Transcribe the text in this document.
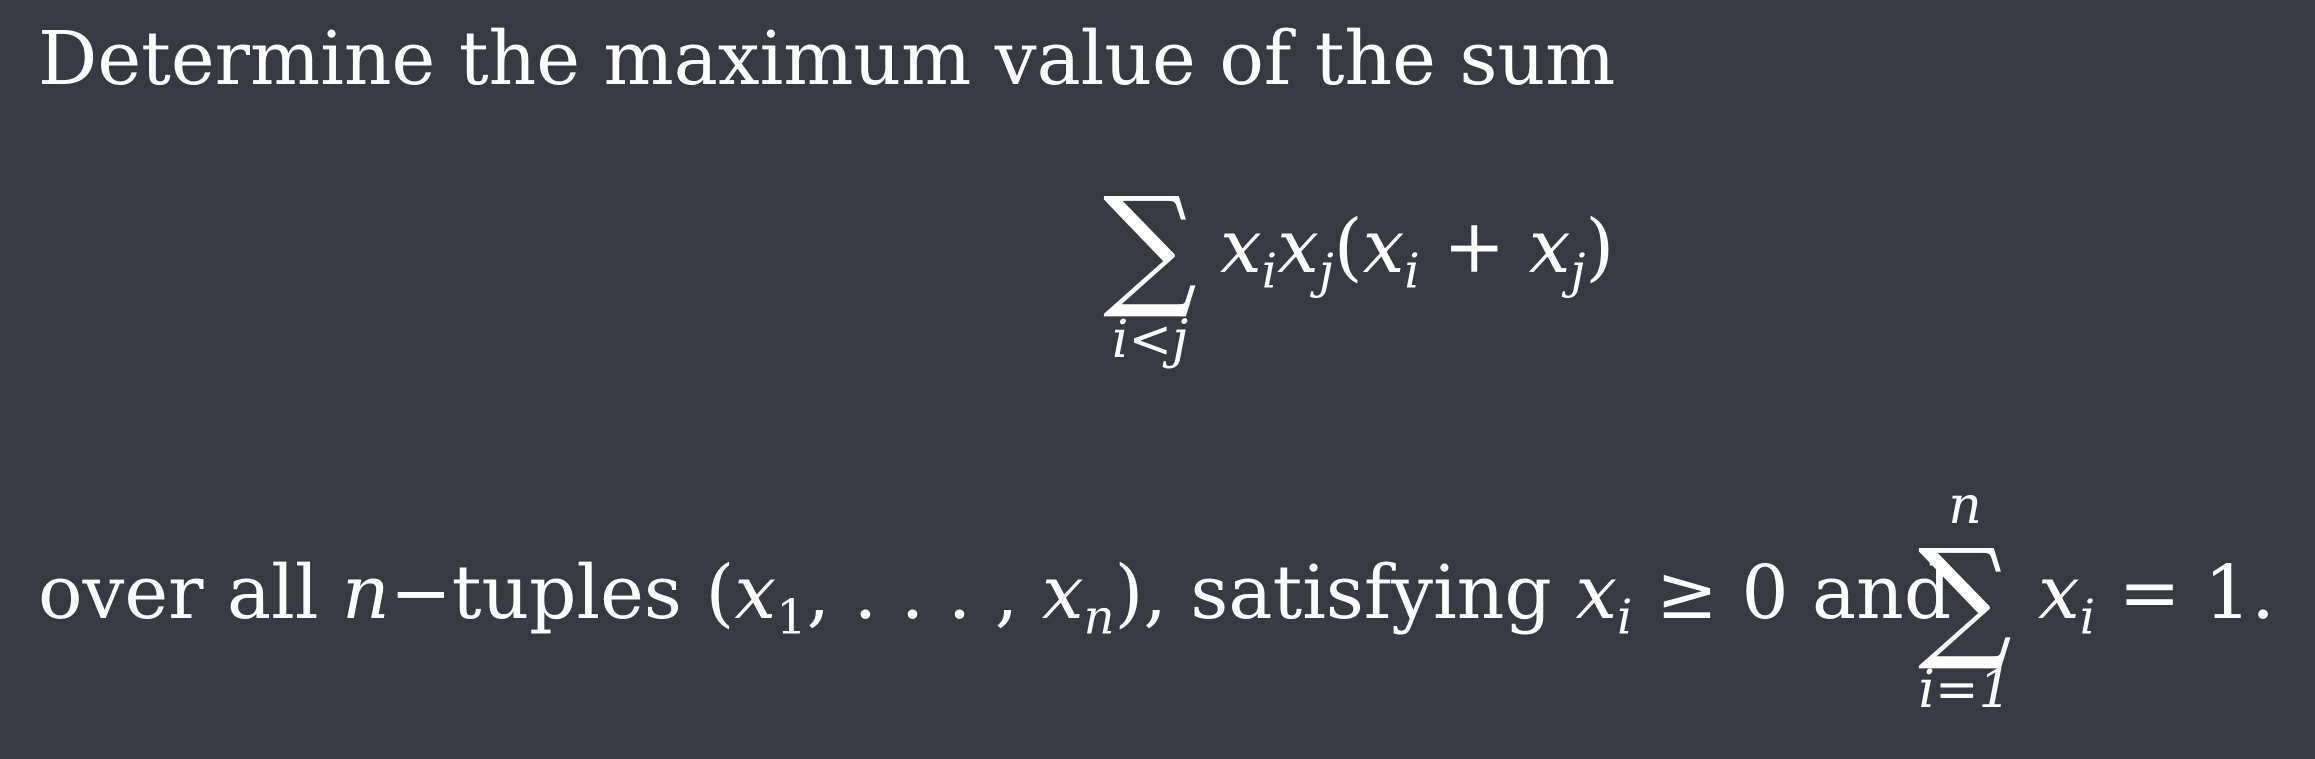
Determine the maximum value of the sum
∑
i<j
$x_ix_j(x_i + x_j)$
over all n−tuples ($x_1$, . . . , $x_n$), satisfying $x_i \ge 0$ and
n
∑
i=1
$x_i = 1$.
